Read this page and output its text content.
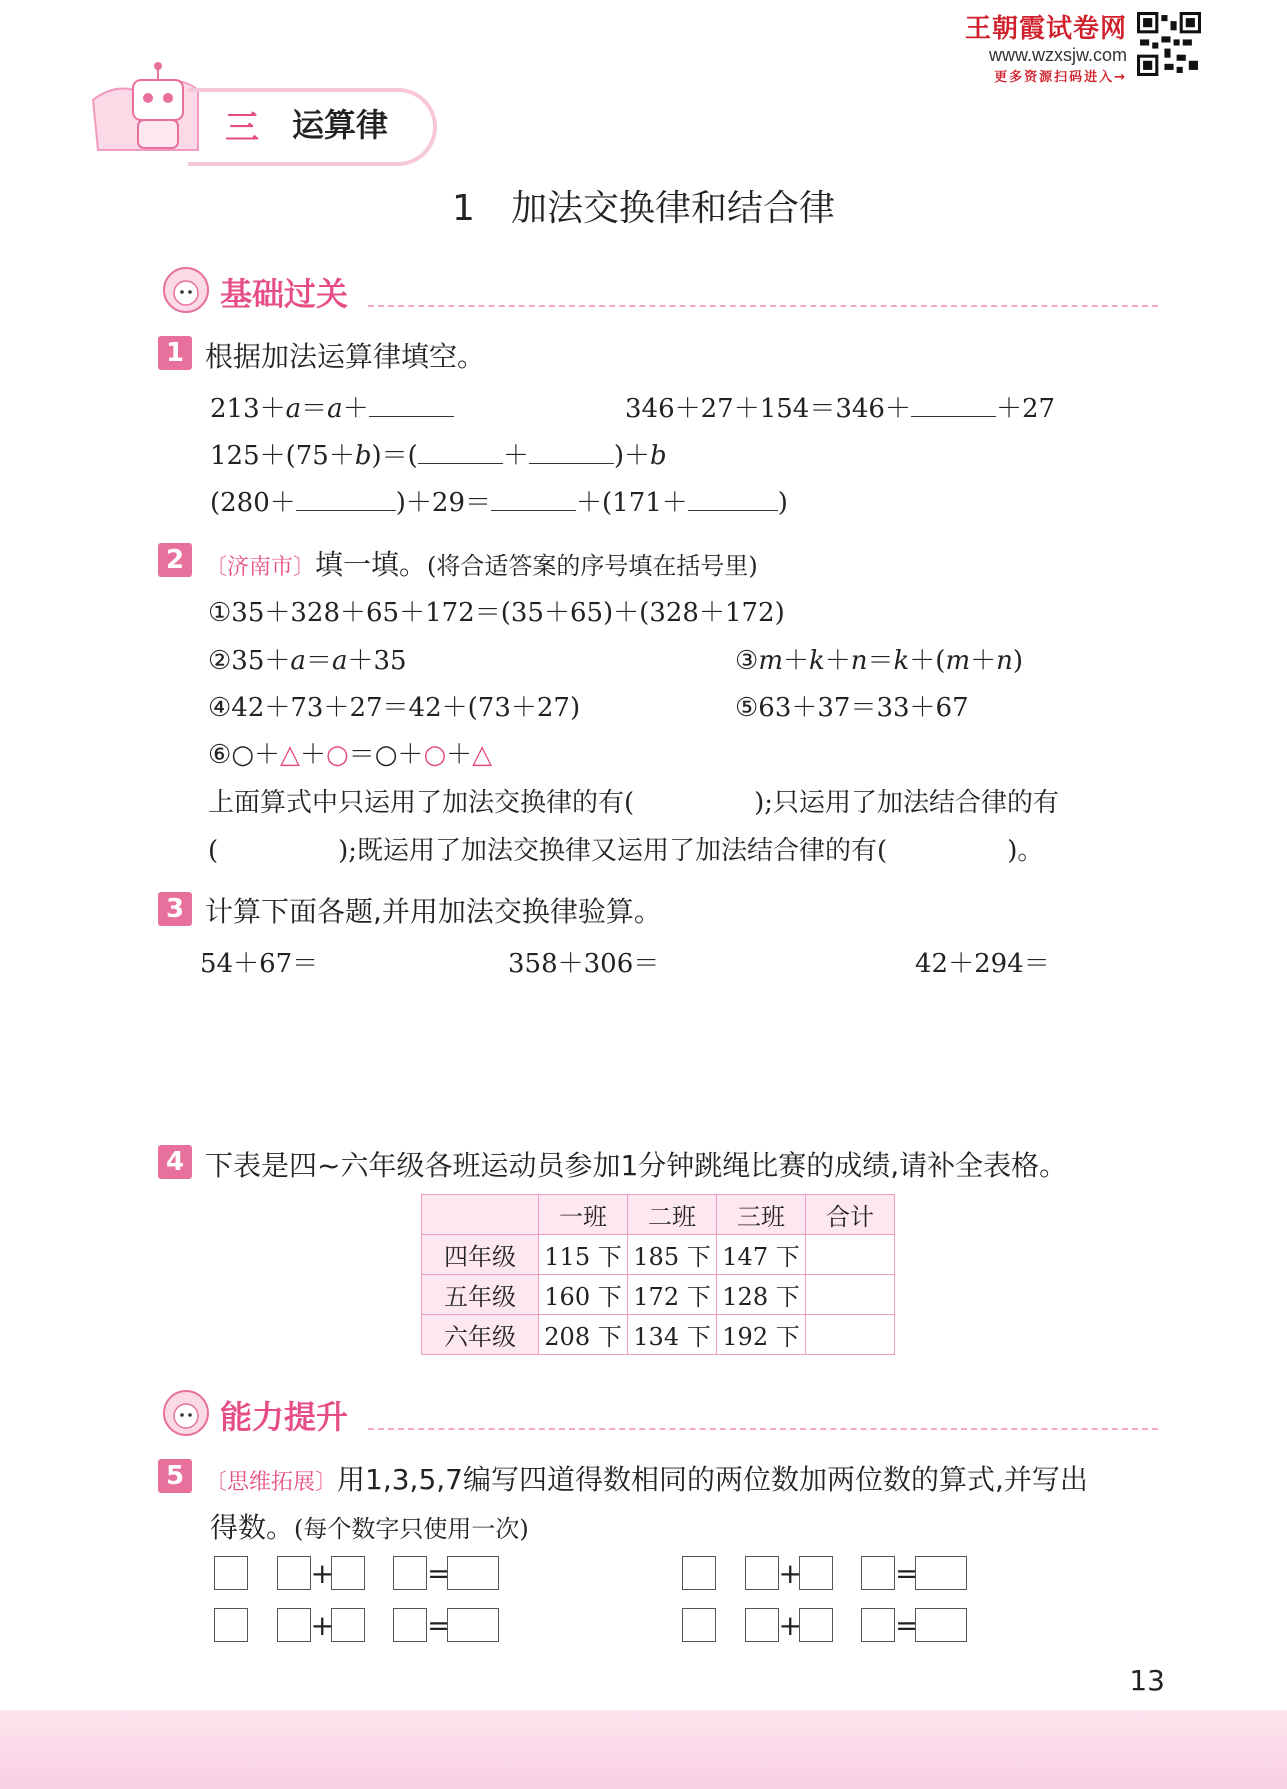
王朝霞试卷网
www.wzxsjw.com
更多资源扫码进入→
三 运算律
1　加法交换律和结合律
基础过关
1 根据加法运算律填空。
213＋a＝a＋	346＋27＋154＝346＋	＋27
125＋(75＋b)＝(	＋	)＋b
(280＋	)＋29＝	＋(171＋	)
2 〔济南市〕填一填。(将合适答案的序号填在括号里)
①35＋328＋65＋172＝(35＋65)＋(328＋172)
②35＋a＝a＋35	③m＋k＋n＝k＋(m＋n)
④42＋73＋27＝42＋(73＋27)	⑤63＋37＝33＋67
⑥○＋△＋○＝○＋○＋△
上面算式中只运用了加法交换律的有(	);只运用了加法结合律的有
(	);既运用了加法交换律又运用了加法结合律的有(	)。
3 计算下面各题,并用加法交换律验算。
54＋67＝	358＋306＝	42＋294＝
4 下表是四~六年级各班运动员参加1分钟跳绳比赛的成绩,请补全表格。
	一班	二班	三班	合计
四年级	115 下	185 下	147 下	
五年级	160 下	172 下	128 下	
六年级	208 下	134 下	192 下	
能力提升
5 〔思维拓展〕用1,3,5,7编写四道得数相同的两位数加两位数的算式,并写出
得数。(每个数字只使用一次)
+	=	+	=
+	=	+	=
13
